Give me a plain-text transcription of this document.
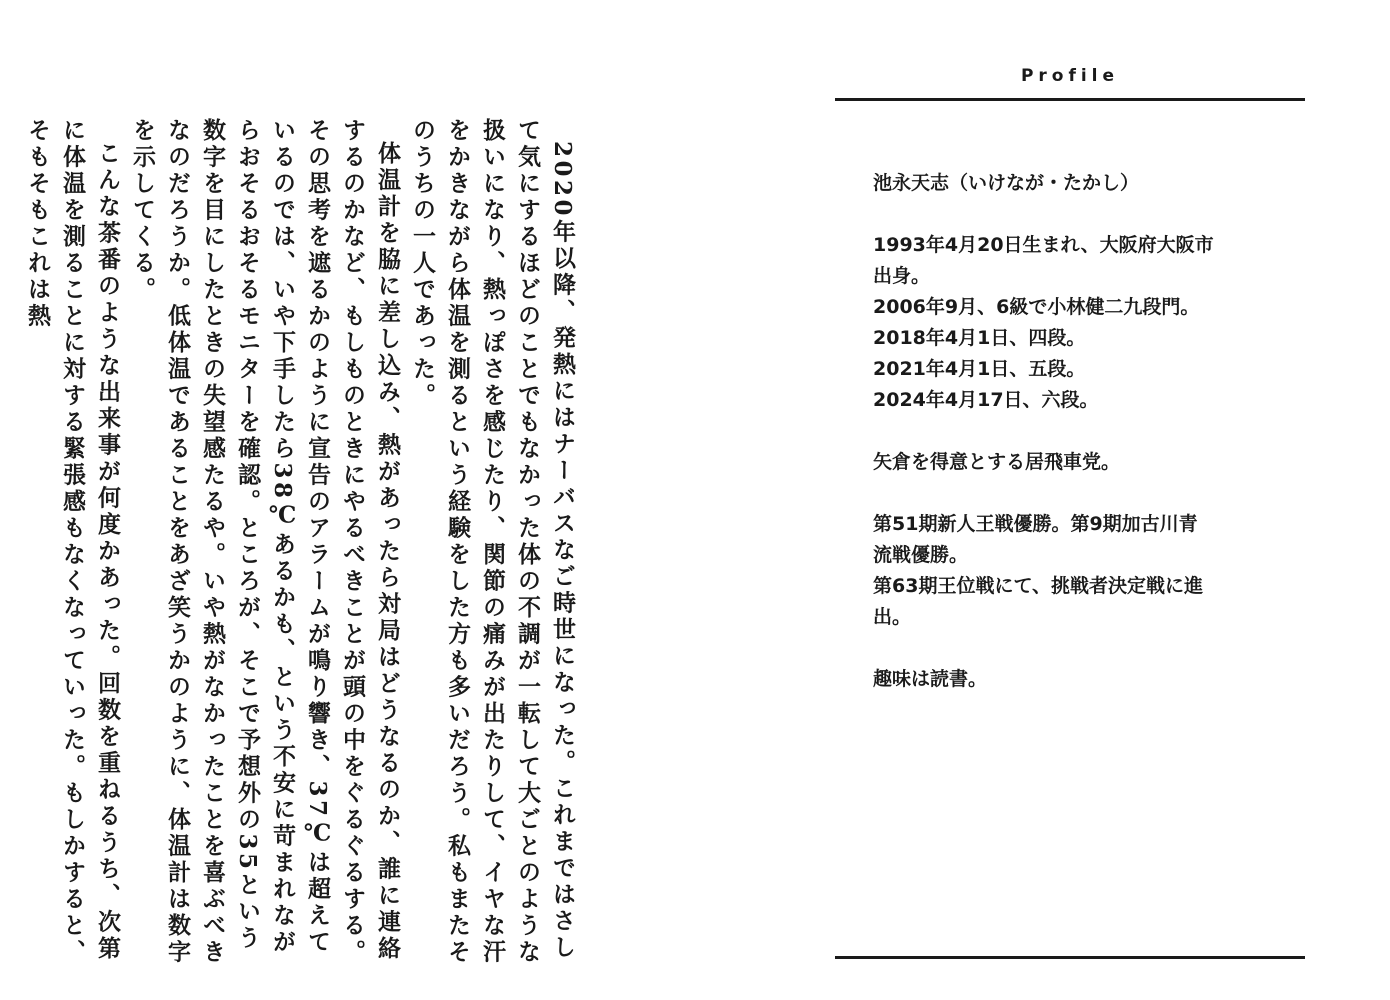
2020年以降、発熱にはナーバスなご時世になった。これまではさして気にするほどのことでもなかった体の不調が一転して大ごとのような扱いになり、熱っぽさを感じたり、関節の痛みが出たりして、イヤな汗をかきながら体温を測るという経験をした方も多いだろう。私もまたそのうちの一人であった。

体温計を脇に差し込み、熱があったら対局はどうなるのか、誰に連絡するのかなど、もしものときにやるべきことが頭の中をぐるぐるする。その思考を遮るかのように宣告のアラームが鳴り響き、37℃は超えているのでは、いや下手したら38℃あるかも、という不安に苛まれながらおそるおそるモニターを確認。ところが、そこで予想外の35という数字を目にしたときの失望感たるや。いや熱がなかったことを喜ぶべきなのだろうか。低体温であることをあざ笑うかのように、体温計は数字を示してくる。

こんな茶番のような出来事が何度かあった。回数を重ねるうち、次第に体温を測ることに対する緊張感もなくなっていった。もしかすると、そもそもこれは熱

Profile

池永天志（いけなが・たかし）

1993年4月20日生まれ、大阪府大阪市
出身。
2006年9月、6級で小林健二九段門。
2018年4月1日、四段。
2021年4月1日、五段。
2024年4月17日、六段。
矢倉を得意とする居飛車党。
第51期新人王戦優勝。第9期加古川青
流戦優勝。
第63期王位戦にて、挑戦者決定戦に進
出。
趣味は読書。
